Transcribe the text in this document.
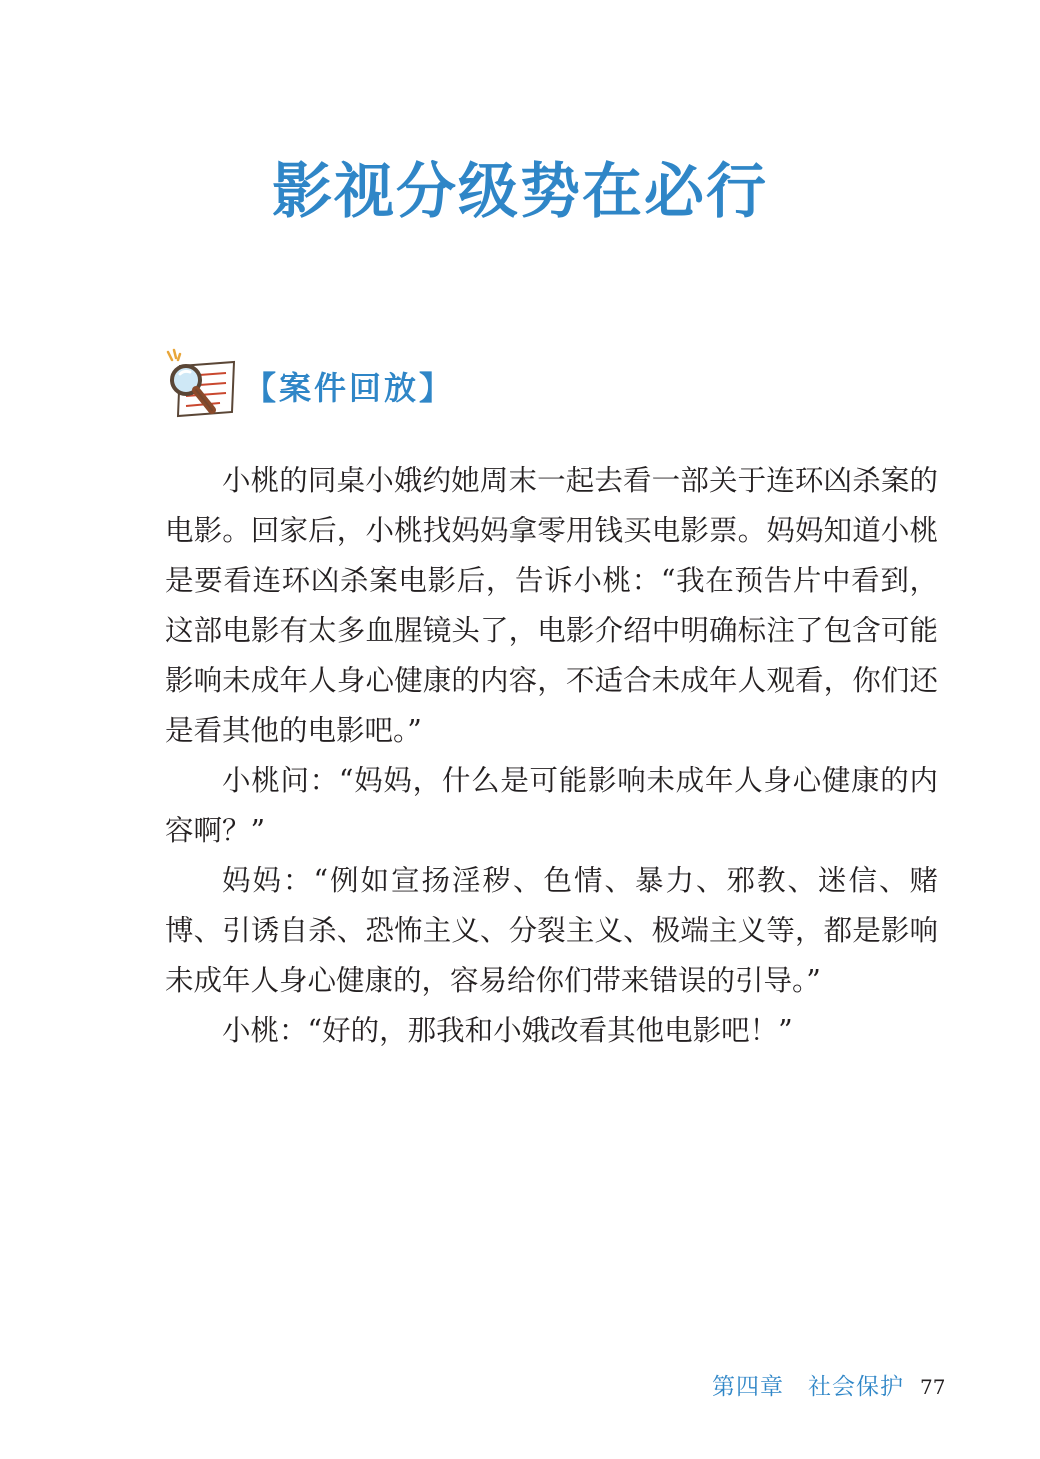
影视分级势在必行
【案件回放】

小桃的同桌小娥约她周末一起去看一部关于连环凶杀案的电影。回家后，小桃找妈妈拿零用钱买电影票。妈妈知道小桃是要看连环凶杀案电影后，告诉小桃：“我在预告片中看到，这部电影有太多血腥镜头了，电影介绍中明确标注了包含可能影响未成年人身心健康的内容，不适合未成年人观看，你们还是看其他的电影吧。”

小桃问：“妈妈，什么是可能影响未成年人身心健康的内容啊？”

妈妈：“例如宣扬淫秽、色情、暴力、邪教、迷信、赌博、引诱自杀、恐怖主义、分裂主义、极端主义等，都是影响未成年人身心健康的，容易给你们带来错误的引导。”

小桃：“好的，那我和小娥改看其他电影吧！”

第四章　社会保护 77
